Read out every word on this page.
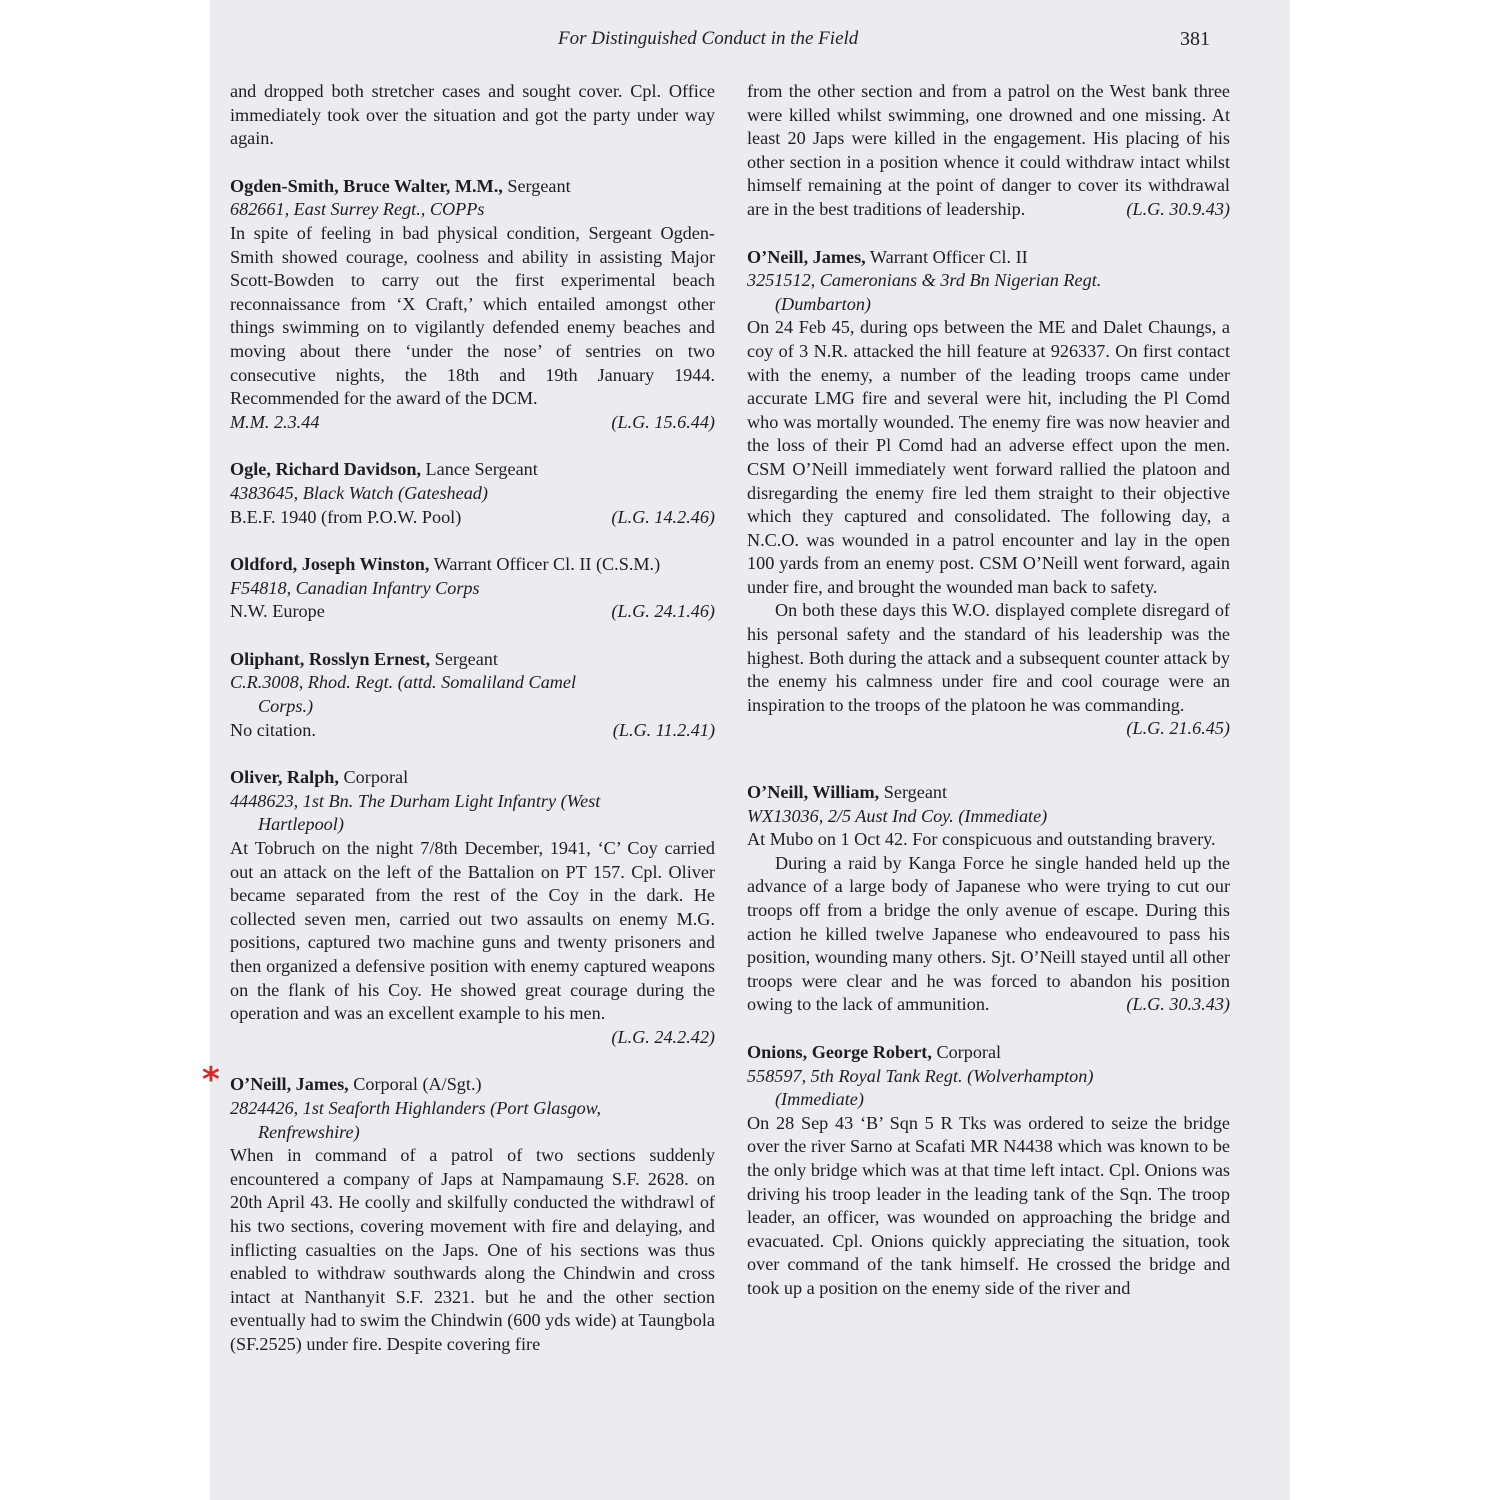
For Distinguished Conduct in the Field	381

and dropped both stretcher cases and sought cover. Cpl. Office immediately took over the situation and got the party under way again.

Ogden-Smith, Bruce Walter, M.M., Sergeant
682661, East Surrey Regt., COPPs

In spite of feeling in bad physical condition, Sergeant Ogden-Smith showed courage, coolness and ability in assisting Major Scott-Bowden to carry out the first experimental beach reconnaissance from ‘X Craft,’ which entailed amongst other things swimming on to vigilantly defended enemy beaches and moving about there ‘under the nose’ of sentries on two consecutive nights, the 18th and 19th January 1944. Recommended for the award of the DCM.

M.M. 2.3.44	(L.G. 15.6.44)
Ogle, Richard Davidson, Lance Sergeant
4383645, Black Watch (Gateshead)
B.E.F. 1940 (from P.O.W. Pool)	(L.G. 14.2.46)
Oldford, Joseph Winston, Warrant Officer Cl. II (C.S.M.)
F54818, Canadian Infantry Corps
N.W. Europe	(L.G. 24.1.46)
Oliphant, Rosslyn Ernest, Sergeant
C.R.3008, Rhod. Regt. (attd. Somaliland Camel
Corps.)
No citation.	(L.G. 11.2.41)
Oliver, Ralph, Corporal
4448623, 1st Bn. The Durham Light Infantry (West
Hartlepool)

At Tobruch on the night 7/8th December, 1941, ‘C’ Coy carried out an attack on the left of the Battalion on PT 157. Cpl. Oliver became separated from the rest of the Coy in the dark. He collected seven men, carried out two assaults on enemy M.G. positions, captured two machine guns and twenty prisoners and then organized a defensive position with enemy captured weapons on the flank of his Coy. He showed great courage during the operation and was an excellent example to his men.

(L.G. 24.2.42)
* O’Neill, James, Corporal (A/Sgt.)
2824426, 1st Seaforth Highlanders (Port Glasgow,
Renfrewshire)

When in command of a patrol of two sections suddenly encountered a company of Japs at Nampamaung S.F. 2628. on 20th April 43. He coolly and skilfully conducted the withdrawl of his two sections, covering movement with fire and delaying, and inflicting casualties on the Japs. One of his sections was thus enabled to withdraw southwards along the Chindwin and cross intact at Nanthanyit S.F. 2321. but he and the other section eventually had to swim the Chindwin (600 yds wide) at Taungbola (SF.2525) under fire. Despite covering fire

from the other section and from a patrol on the West bank three were killed whilst swimming, one drowned and one missing. At least 20 Japs were killed in the engagement. His placing of his other section in a position whence it could withdraw intact whilst himself remaining at the point of danger to cover its withdrawal are in the best traditions of leadership.	(L.G. 30.9.43)

O’Neill, James, Warrant Officer Cl. II
3251512, Cameronians & 3rd Bn Nigerian Regt.
(Dumbarton)

On 24 Feb 45, during ops between the ME and Dalet Chaungs, a coy of 3 N.R. attacked the hill feature at 926337. On first contact with the enemy, a number of the leading troops came under accurate LMG fire and several were hit, including the Pl Comd who was mortally wounded. The enemy fire was now heavier and the loss of their Pl Comd had an adverse effect upon the men. CSM O’Neill immediately went forward rallied the platoon and disregarding the enemy fire led them straight to their objective which they captured and consolidated. The following day, a N.C.O. was wounded in a patrol encounter and lay in the open 100 yards from an enemy post. CSM O’Neill went forward, again under fire, and brought the wounded man back to safety.

On both these days this W.O. displayed complete disregard of his personal safety and the standard of his leadership was the highest. Both during the attack and a subsequent counter attack by the enemy his calmness under fire and cool courage were an inspiration to the troops of the platoon he was commanding.

(L.G. 21.6.45)
O’Neill, William, Sergeant
WX13036, 2/5 Aust Ind Coy. (Immediate)

At Mubo on 1 Oct 42. For conspicuous and outstanding bravery.

During a raid by Kanga Force he single handed held up the advance of a large body of Japanese who were trying to cut our troops off from a bridge the only avenue of escape. During this action he killed twelve Japanese who endeavoured to pass his position, wounding many others. Sjt. O’Neill stayed until all other troops were clear and he was forced to abandon his position owing to the lack of ammunition.	(L.G. 30.3.43)

Onions, George Robert, Corporal
558597, 5th Royal Tank Regt. (Wolverhampton)
(Immediate)

On 28 Sep 43 ‘B’ Sqn 5 R Tks was ordered to seize the bridge over the river Sarno at Scafati MR N4438 which was known to be the only bridge which was at that time left intact. Cpl. Onions was driving his troop leader in the leading tank of the Sqn. The troop leader, an officer, was wounded on approaching the bridge and evacuated. Cpl. Onions quickly appreciating the situation, took over command of the tank himself. He crossed the bridge and took up a position on the enemy side of the river and
